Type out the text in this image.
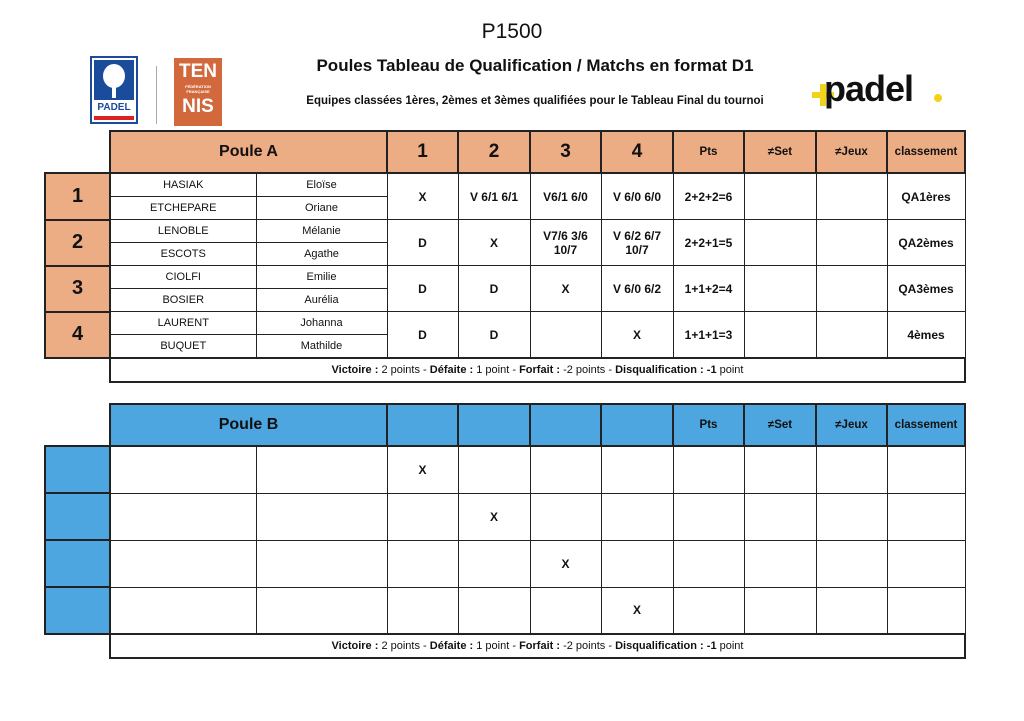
P1500
Poules Tableau de Qualification / Matchs en format D1
Equipes classées 1ères, 2èmes et 3èmes qualifiées pour le Tableau Final du tournoi
PADEL
TEN
FÉDÉRATION FRANÇAISE
NIS	padel
	Poule A		1	2	3	4	Pts	≠Set	≠Jeux	classement
1	HASIAK	Eloïse	X	V 6/1 6/1	V6/1 6/0	V 6/0 6/0	2+2+2=6			QA1ères
	ETCHEPARE	Oriane								
2	LENOBLE	Mélanie	D	X	V7/6 3/6 10/7	V 6/2 6/7 10/7	2+2+1=5			QA2èmes
	ESCOTS	Agathe								
3	CIOLFI	Emilie	D	D	X	V 6/0 6/2	1+1+2=4			QA3èmes
	BOSIER	Aurélia								
4	LAURENT	Johanna	D	D		X	1+1+1=3			4èmes
	BUQUET	Mathilde								
	Victoire : 2 points - Défaite : 1 point - Forfait : -2 points - Disqualification : -1 point									
	Poule B						Pts	≠Set	≠Jeux	classement
			X							
				X						
					X					
						X				
	Victoire : 2 points - Défaite : 1 point - Forfait : -2 points - Disqualification : -1 point									
